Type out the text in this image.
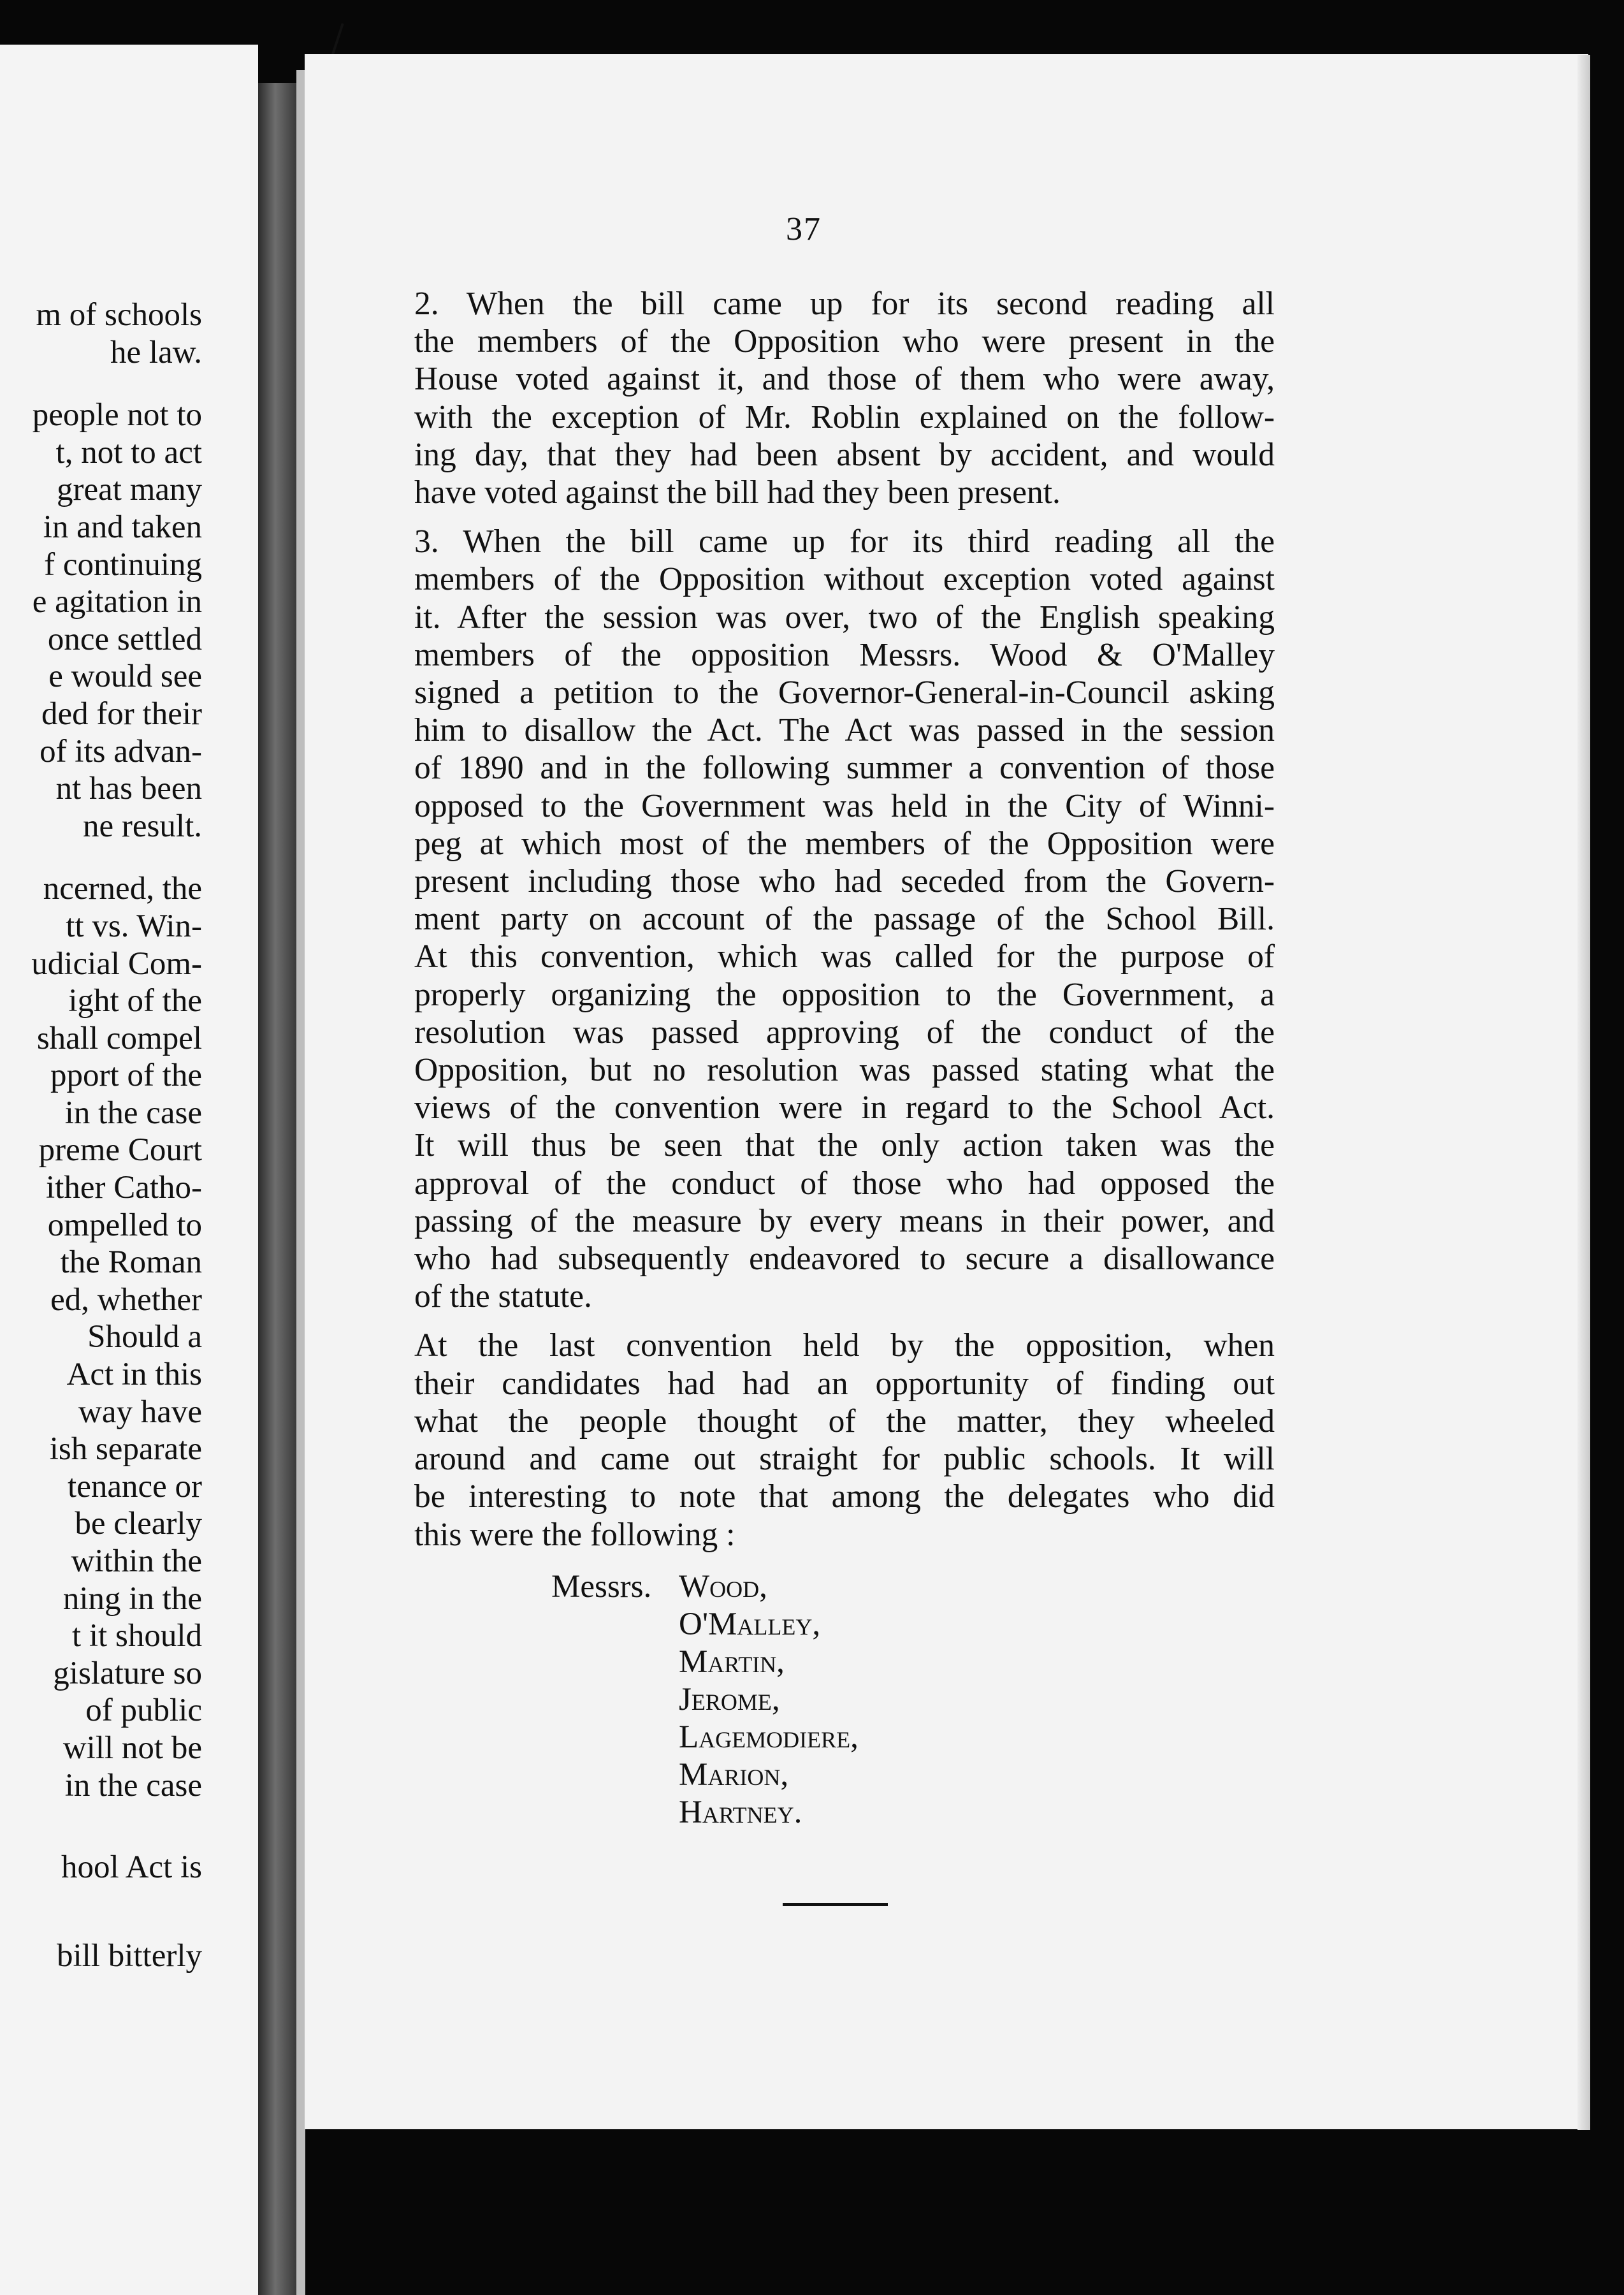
m of schools
he law.
people not to
t, not to act
great many
in and taken
f continuing
e agitation in
once settled
e would see
ded for their
of its advan-
nt has been
ne result.
ncerned, the
tt vs. Win-
udicial Com-
ight of the
shall compel
pport of the
in the case
preme Court
ither Catho-
ompelled to
the Roman
ed, whether
Should a
Act in this
way have
ish separate
tenance or
be clearly
within the
ning in the
t it should
gislature so
of public
will not be
in the case
hool Act is
bill bitterly
37

2. When the bill came up for its second reading all
the members of the Opposition who were present in the
House voted against it, and those of them who were away,
with the exception of Mr. Roblin explained on the follow-
ing day, that they had been absent by accident, and would
have voted against the bill had they been present.

3. When the bill came up for its third reading all the
members of the Opposition without exception voted against
it. After the session was over, two of the English speaking
members of the opposition Messrs. Wood & O'Malley
signed a petition to the Governor-General-in-Council asking
him to disallow the Act. The Act was passed in the session
of 1890 and in the following summer a convention of those
opposed to the Government was held in the City of Winni-
peg at which most of the members of the Opposition were
present including those who had seceded from the Govern-
ment party on account of the passage of the School Bill.
At this convention, which was called for the purpose of
properly organizing the opposition to the Government, a
resolution was passed approving of the conduct of the
Opposition, but no resolution was passed stating what the
views of the convention were in regard to the School Act.
It will thus be seen that the only action taken was the
approval of the conduct of those who had opposed the
passing of the measure by every means in their power, and
who had subsequently endeavored to secure a disallowance
of the statute.

At the last convention held by the opposition, when
their candidates had had an opportunity of finding out
what the people thought of the matter, they wheeled
around and came out straight for public schools. It will
be interesting to note that among the delegates who did
this were the following :

Messrs. Wood,
O'Malley,
Martin,
Jerome,
Lagemodiere,
Marion,
Hartney.
